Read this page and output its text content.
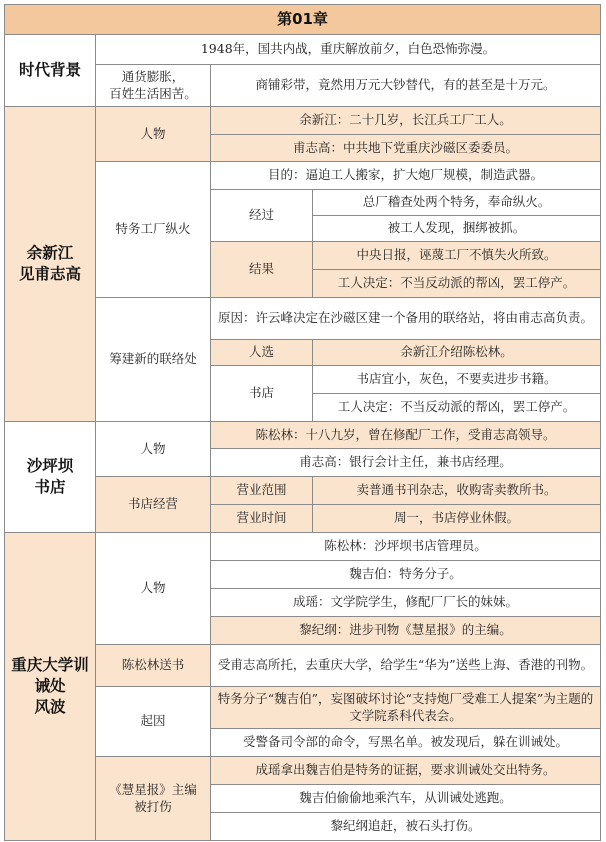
第01章			
时代背景	1948年，国共内战，重庆解放前夕，白色恐怖弥漫。		
	通货膨胀，
百姓生活困苦。	商铺彩带，竟然用万元大钞替代，有的甚至是十万元。	
余新江
见甫志高	人物	余新江：二十几岁，长江兵工厂工人。	
		甫志高：中共地下党重庆沙磁区委委员。	
	特务工厂纵火	目的：逼迫工人搬家，扩大炮厂规模，制造武器。	
		经过	总厂稽查处两个特务，奉命纵火。
			被工人发现，捆绑被抓。
		结果	中央日报，诬蔑工厂不慎失火所致。
			工人决定：不当反动派的帮凶，罢工停产。
	筹建新的联络处	原因：许云峰决定在沙磁区建一个备用的联络站，将由甫志高负责。	
		人选	余新江介绍陈松林。
		书店	书店宜小，灰色，不要卖进步书籍。
			工人决定：不当反动派的帮凶，罢工停产。
沙坪坝
书店	人物	陈松林：十八九岁，曾在修配厂工作，受甫志高领导。	
		甫志高：银行会计主任，兼书店经理。	
	书店经营	营业范围	卖普通书刊杂志，收购寄卖教所书。
		营业时间	周一，书店停业休假。
重庆大学训
诫处
风波	人物	陈松林：沙坪坝书店管理员。	
		魏吉伯：特务分子。	
		成瑶：文学院学生，修配厂厂长的妹妹。	
		黎纪纲：进步刊物《慧星报》的主编。	
	陈松林送书	受甫志高所托，去重庆大学，给学生“华为”送些上海、香港的刊物。	
	起因	特务分子“魏吉伯”，妄图破坏讨论“支持炮厂受难工人提案”为主题的文学院系科代表会。	
		受警备司令部的命令，写黑名单。被发现后，躲在训诫处。	
	《慧星报》主编
被打伤	成瑶拿出魏吉伯是特务的证据，要求训诫处交出特务。	
		魏吉伯偷偷地乘汽车，从训诫处逃跑。	
		黎纪纲追赶，被石头打伤。	
